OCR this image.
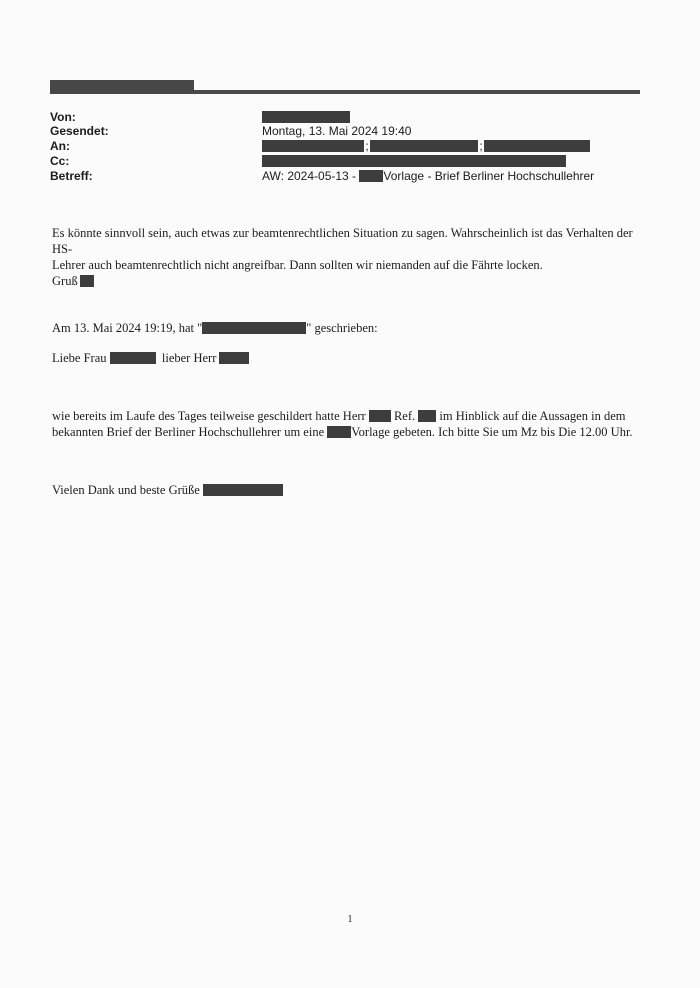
Von:
Gesendet:	Montag, 13. Mai 2024 19:40
An:	;	;
Cc:
Betreff:	AW: 2024-05-13 - Vorlage - Brief Berliner Hochschullehrer

Es könnte sinnvoll sein, auch etwas zur beamtenrechtlichen Situation zu sagen. Wahrscheinlich ist das Verhalten der HS-

Lehrer auch beamtenrechtlich nicht angreifbar. Dann sollten wir niemanden auf die Fährte locken.

Gruß

Am 13. Mai 2024 19:19, hat "	" geschrieben:

Liebe Frau	lieber Herr

wie bereits im Laufe des Tages teilweise geschildert hatte Herr Ref. im Hinblick auf die Aussagen in dem

bekannten Brief der Berliner Hochschullehrer um eine Vorlage gebeten. Ich bitte Sie um Mz bis Die 12.00 Uhr.

Vielen Dank und beste Grüße

1
